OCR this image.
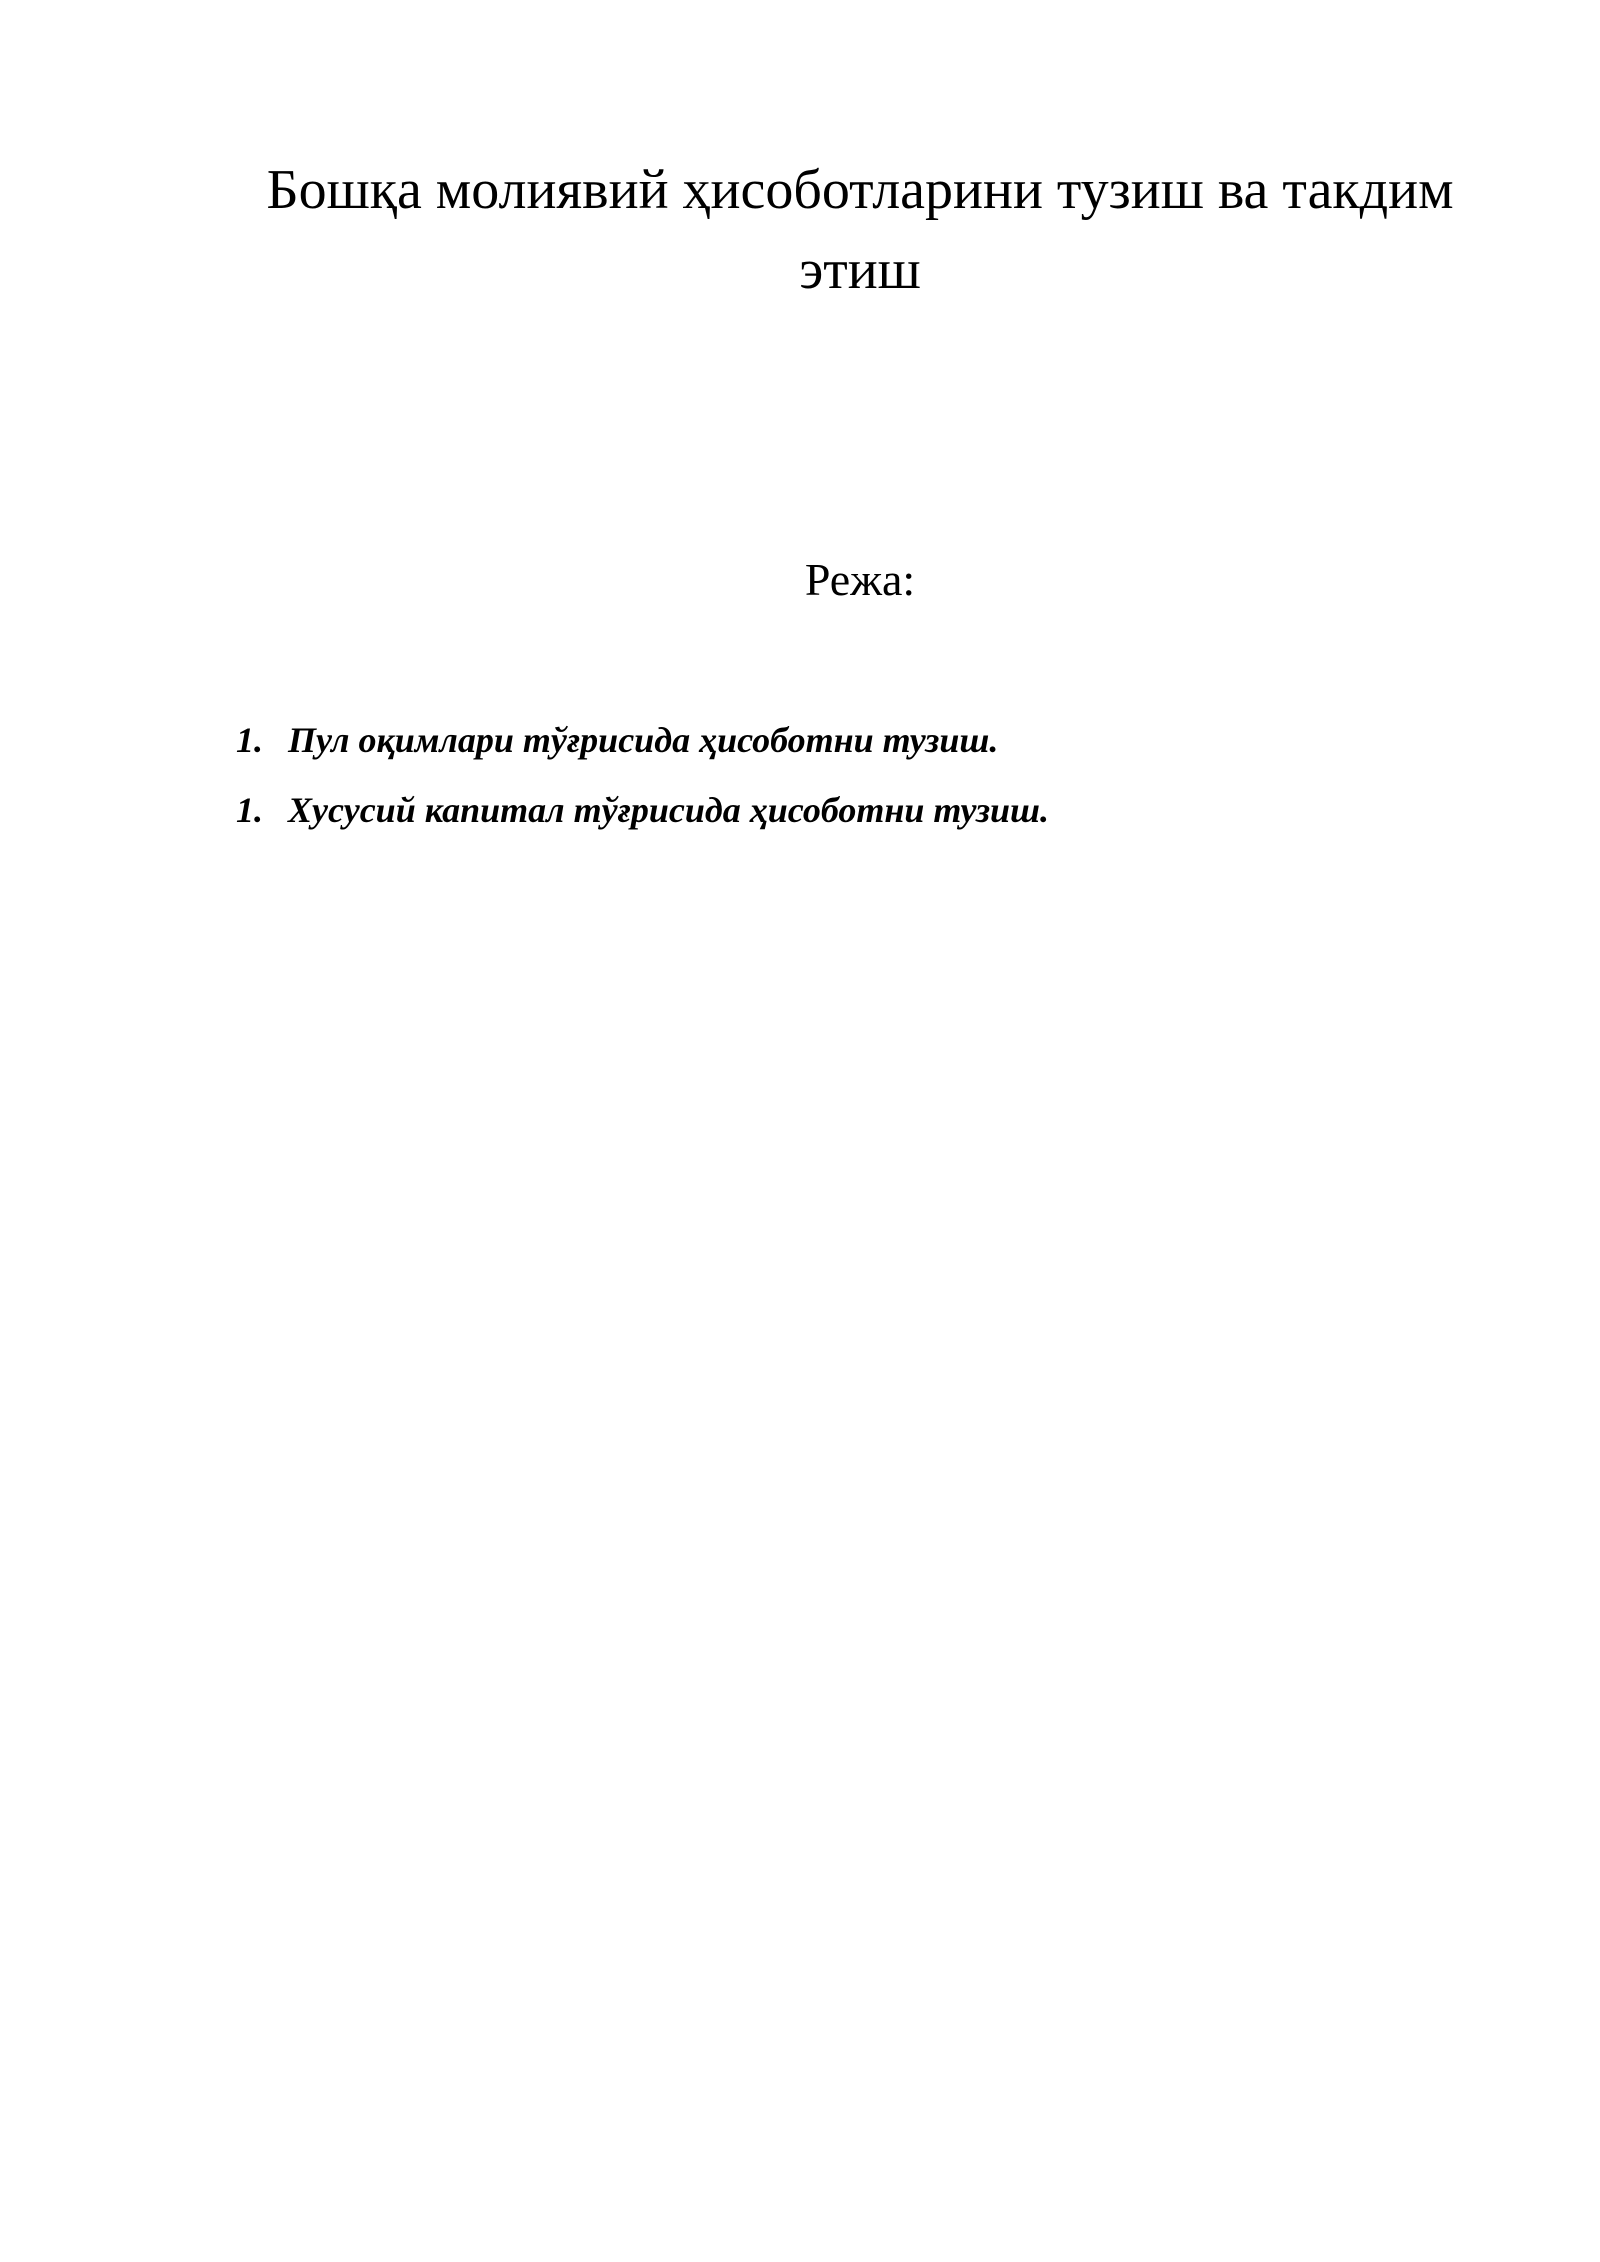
Бошқа молиявий ҳисоботларини тузиш ва такдим этиш
Режа:
1. Пул оқимлари тўғрисида ҳисоботни тузиш.
1. Хусусий капитал тўғрисида ҳисоботни тузиш.
